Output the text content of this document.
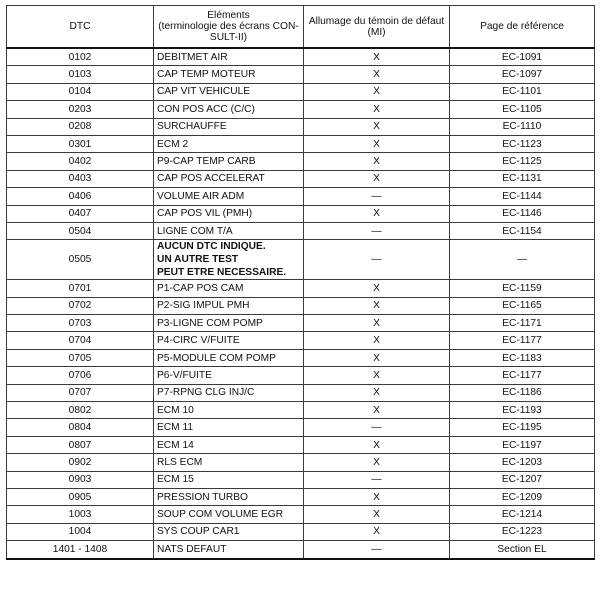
DTC	Eléments
(terminologie des écrans CON-
SULT-II)	Allumage du témoin de défaut
(MI)	Page de référence
0102	DEBITMET AIR	X	EC-1091
0103	CAP TEMP MOTEUR	X	EC-1097
0104	CAP VIT VEHICULE	X	EC-1101
0203	CON POS ACC (C/C)	X	EC-1105
0208	SURCHAUFFE	X	EC-1110
0301	ECM 2	X	EC-1123
0402	P9-CAP TEMP CARB	X	EC-1125
0403	CAP POS ACCELERAT	X	EC-1131
0406	VOLUME AIR ADM	—	EC-1144
0407	CAP POS VIL (PMH)	X	EC-1146
0504	LIGNE COM T/A	—	EC-1154
0505	AUCUN DTC INDIQUE.
UN AUTRE TEST
PEUT ETRE NECESSAIRE.	—	—
0701	P1-CAP POS CAM	X	EC-1159
0702	P2-SIG IMPUL PMH	X	EC-1165
0703	P3-LIGNE COM POMP	X	EC-1171
0704	P4-CIRC V/FUITE	X	EC-1177
0705	P5-MODULE COM POMP	X	EC-1183
0706	P6-V/FUITE	X	EC-1177
0707	P7-RPNG CLG INJ/C	X	EC-1186
0802	ECM 10	X	EC-1193
0804	ECM 11	—	EC-1195
0807	ECM 14	X	EC-1197
0902	RLS ECM	X	EC-1203
0903	ECM 15	—	EC-1207
0905	PRESSION TURBO	X	EC-1209
1003	SOUP COM VOLUME EGR	X	EC-1214
1004	SYS COUP CAR1	X	EC-1223
1401 - 1408	NATS DEFAUT	—	Section EL
